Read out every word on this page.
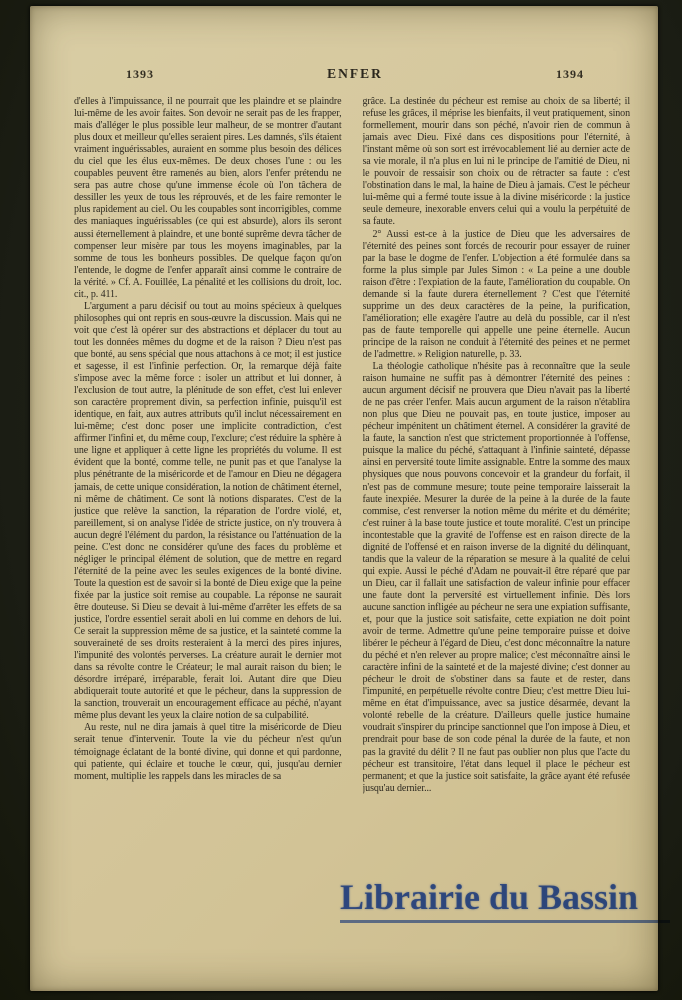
1393	ENFER	1394

d'elles à l'impuissance, il ne pourrait que les plaindre et se plaindre lui-même de les avoir faites. Son devoir ne serait pas de les frapper, mais d'alléger le plus possible leur malheur, de se montrer d'autant plus doux et meilleur qu'elles seraient pires. Les damnés, s'ils étaient vraiment inguérissables, auraient en somme plus besoin des délices du ciel que les élus eux-mêmes. De deux choses l'une : ou les coupables peuvent être ramenés au bien, alors l'enfer prétendu ne sera pas autre chose qu'une immense école où l'on tâchera de dessiller les yeux de tous les réprouvés, et de les faire remonter le plus rapidement au ciel. Ou les coupables sont incorrigibles, comme des maniaques inguérissables (ce qui est absurde), alors ils seront aussi éternellement à plaindre, et une bonté suprême devra tâcher de compenser leur misère par tous les moyens imaginables, par la somme de tous les bonheurs possibles. De quelque façon qu'on l'entende, le dogme de l'enfer apparaît ainsi comme le contraire de la vérité. » Cf. A. Fouillée, La pénalité et les collisions du droit, loc. cit., p. 411.

L'argument a paru décisif ou tout au moins spécieux à quelques philosophes qui ont repris en sous-œuvre la discussion. Mais qui ne voit que c'est là opérer sur des abstractions et déplacer du tout au tout les données mêmes du dogme et de la raison ? Dieu n'est pas que bonté, au sens spécial que nous attachons à ce mot; il est justice et sagesse, il est l'infinie perfection. Or, la remarque déjà faite s'impose avec la même force : isoler un attribut et lui donner, à l'exclusion de tout autre, la plénitude de son effet, c'est lui enlever son caractère proprement divin, sa perfection infinie, puisqu'il est identique, en fait, aux autres attributs qu'il inclut nécessairement en lui-même; c'est donc poser une implicite contradiction, c'est affirmer l'infini et, du même coup, l'exclure; c'est réduire la sphère à une ligne et appliquer à cette ligne les propriétés du volume. Il est évident que la bonté, comme telle, ne punit pas et que l'analyse la plus pénétrante de la miséricorde et de l'amour en Dieu ne dégagera jamais, de cette unique considération, la notion de châtiment éternel, ni même de châtiment. Ce sont là notions disparates. C'est de la justice que relève la sanction, la réparation de l'ordre violé, et, pareillement, si on analyse l'idée de stricte justice, on n'y trouvera à aucun degré l'élément du pardon, la résistance ou l'atténuation de la peine. C'est donc ne considérer qu'une des faces du problème et négliger le principal élément de solution, que de mettre en regard l'éternité de la peine avec les seules exigences de la bonté divine. Toute la question est de savoir si la bonté de Dieu exige que la peine fixée par la justice soit remise au coupable. La réponse ne saurait être douteuse. Si Dieu se devait à lui-même d'arrêter les effets de sa justice, l'ordre essentiel serait aboli en lui comme en dehors de lui. Ce serait la suppression même de sa justice, et la sainteté comme la souveraineté de ses droits resteraient à la merci des pires injures, l'impunité des volontés perverses. La créature aurait le dernier mot dans sa révolte contre le Créateur; le mal aurait raison du bien; le désordre irréparé, irréparable, ferait loi. Autant dire que Dieu abdiquerait toute autorité et que le pécheur, dans la suppression de la sanction, trouverait un encouragement efficace au péché, n'ayant même plus devant les yeux la claire notion de sa culpabilité.

Au reste, nul ne dira jamais à quel titre la miséricorde de Dieu serait tenue d'intervenir. Toute la vie du pécheur n'est qu'un témoignage éclatant de la bonté divine, qui donne et qui pardonne, qui patiente, qui éclaire et touche le cœur, qui, jusqu'au dernier moment, multiplie les rappels dans les miracles de sa

grâce. La destinée du pécheur est remise au choix de sa liberté; il refuse les grâces, il méprise les bienfaits, il veut pratiquement, sinon formellement, mourir dans son péché, n'avoir rien de commun à jamais avec Dieu. Fixé dans ces dispositions pour l'éternité, à l'instant même où son sort est irrévocablement lié au dernier acte de sa vie morale, il n'a plus en lui ni le principe de l'amitié de Dieu, ni le pouvoir de ressaisir son choix ou de rétracter sa faute : c'est l'obstination dans le mal, la haine de Dieu à jamais. C'est le pécheur lui-même qui a fermé toute issue à la divine miséricorde : la justice seule demeure, inexorable envers celui qui a voulu la perpétuité de sa faute.

2° Aussi est-ce à la justice de Dieu que les adversaires de l'éternité des peines sont forcés de recourir pour essayer de ruiner par la base le dogme de l'enfer. L'objection a été formulée dans sa forme la plus simple par Jules Simon : « La peine a une double raison d'être : l'expiation de la faute, l'amélioration du coupable. On demande si la faute durera éternellement ? C'est que l'éternité supprime un des deux caractères de la peine, la purification, l'amélioration; elle exagère l'autre au delà du possible, car il n'est pas de faute temporelle qui appelle une peine éternelle. Aucun principe de la raison ne conduit à l'éternité des peines et ne permet de l'admettre. » Religion naturelle, p. 33.

La théologie catholique n'hésite pas à reconnaître que la seule raison humaine ne suffit pas à démontrer l'éternité des peines : aucun argument décisif ne prouvera que Dieu n'avait pas la liberté de ne pas créer l'enfer. Mais aucun argument de la raison n'établira non plus que Dieu ne pouvait pas, en toute justice, imposer au pécheur impénitent un châtiment éternel. A considérer la gravité de la faute, la sanction n'est que strictement proportionnée à l'offense, puisque la malice du péché, s'attaquant à l'infinie sainteté, dépasse ainsi en perversité toute limite assignable. Entre la somme des maux physiques que nous pouvons concevoir et la grandeur du forfait, il n'est pas de commune mesure; toute peine temporaire laisserait la faute inexpiée. Mesurer la durée de la peine à la durée de la faute commise, c'est renverser la notion même du mérite et du démérite; c'est ruiner à la base toute justice et toute moralité. C'est un principe incontestable que la gravité de l'offense est en raison directe de la dignité de l'offensé et en raison inverse de la dignité du délinquant, tandis que la valeur de la réparation se mesure à la qualité de celui qui expie. Aussi le péché d'Adam ne pouvait-il être réparé que par un Dieu, car il fallait une satisfaction de valeur infinie pour effacer une faute dont la perversité est virtuellement infinie. Dès lors aucune sanction infligée au pécheur ne sera une expiation suffisante, et, pour que la justice soit satisfaite, cette expiation ne doit point avoir de terme. Admettre qu'une peine temporaire puisse et doive libérer le pécheur à l'égard de Dieu, c'est donc méconnaître la nature du péché et n'en relever au propre malice; c'est méconnaître ainsi le caractère infini de la sainteté et de la majesté divine; c'est donner au pécheur le droit de s'obstiner dans sa faute et de rester, dans l'impunité, en perpétuelle révolte contre Dieu; c'est mettre Dieu lui-même en état d'impuissance, avec sa justice désarmée, devant la volonté rebelle de la créature. D'ailleurs quelle justice humaine voudrait s'inspirer du principe sanctionnel que l'on impose à Dieu, et prendrait pour base de son code pénal la durée de la faute, et non pas la gravité du délit ? Il ne faut pas oublier non plus que l'acte du pécheur est transitoire, l'état dans lequel il place le pécheur est permanent; et que la justice soit satisfaite, la grâce ayant été refusée jusqu'au dernier...

Librairie du Bassin
